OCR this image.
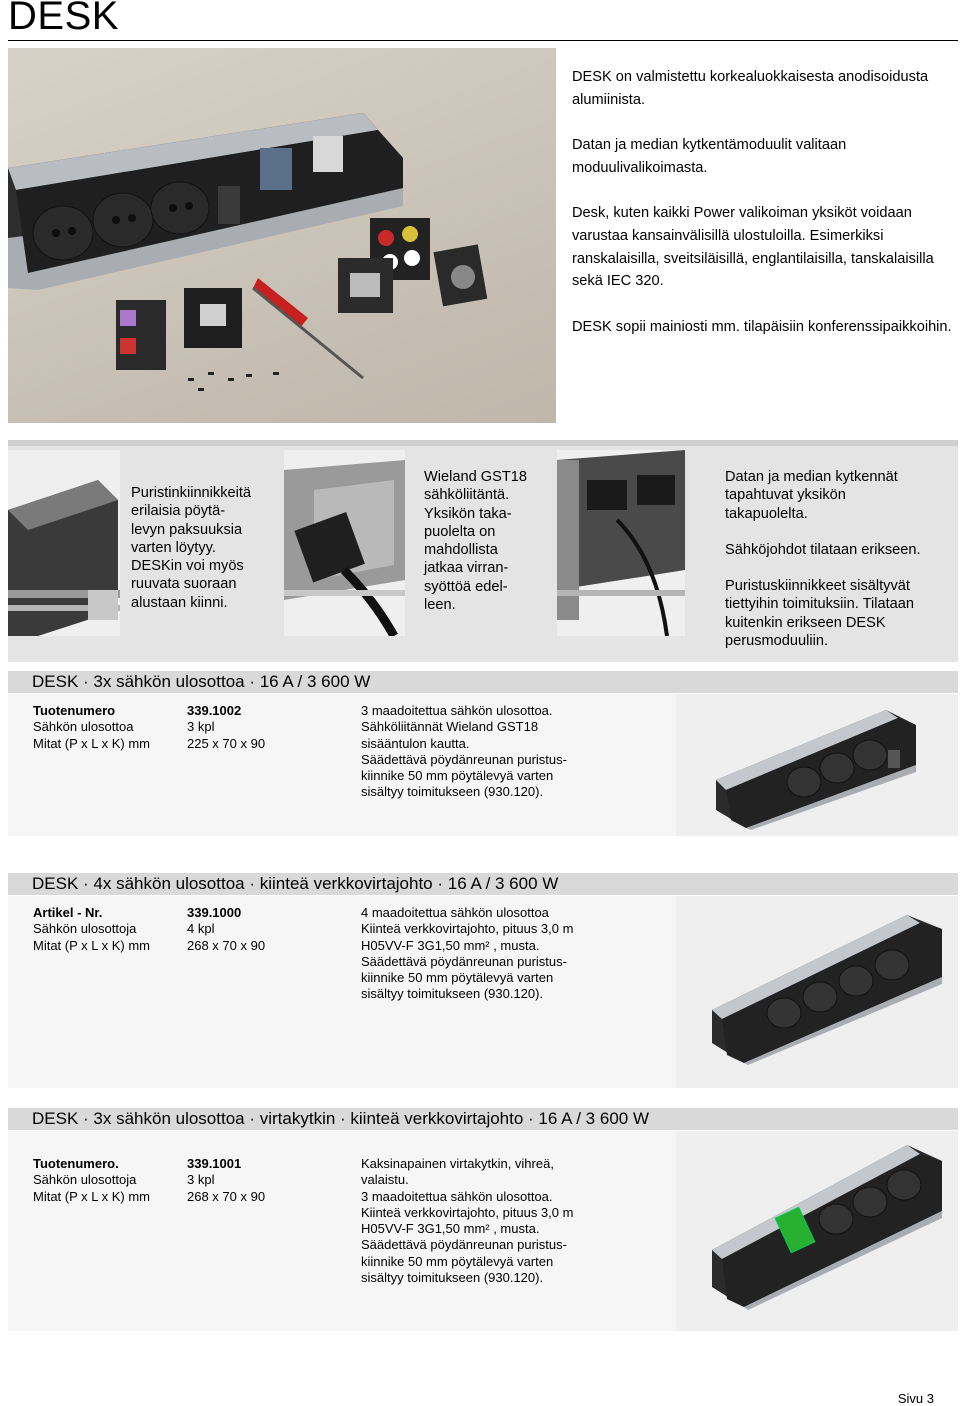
DESK

DESK on valmistettu korkealuokkaisesta anodisoidusta alumiinista.

Datan ja median kytkentämoduulit valitaan moduulivalikoimasta.

Desk, kuten kaikki Power valikoiman yksiköt voidaan varustaa kansainvälisillä ulostuloilla. Esimerkiksi ranskalaisilla, sveitsiläisillä, englantilaisilla, tanskalaisilla sekä IEC 320.

DESK sopii mainiosti mm. tilapäisiin konferenssipaikkoihin.

Puristinkiinnikkeitä
erilaisia pöytä-
levyn paksuuksia
varten löytyy.
DESKin voi myös
ruuvata suoraan
alustaan kiinni.
Wieland GST18
sähköliitäntä.
Yksikön taka-
puolelta on
mahdollista
jatkaa virran-
syöttöä edel-
leen.
Datan ja median kytkennät
tapahtuvat yksikön
takapuolelta.
Sähköjohdot tilataan erikseen.
Puristuskiinnikkeet sisältyvät
tiettyihin toimituksiin. Tilataan
kuitenkin erikseen DESK
perusmoduuliin.
DESK · 3x sähkön ulosottoa · 16 A / 3 600 W
Tuotenumero	339.1002
Sähkön ulosottoa	3 kpl
Mitat (P x L x K) mm	225 x 70 x 90
3 maadoitettua sähkön ulosottoa.
Sähköliitännät Wieland GST18
sisääntulon kautta.
Säädettävä pöydänreunan puristus-
kiinnike 50 mm pöytälevyä varten
sisältyy toimitukseen (930.120).
DESK · 4x sähkön ulosottoa · kiinteä verkkovirtajohto · 16 A / 3 600 W
Artikel - Nr.	339.1000
Sähkön ulosottoja	4 kpl
Mitat (P x L x K) mm	268 x 70 x 90
4 maadoitettua sähkön ulosottoa
Kiinteä verkkovirtajohto, pituus 3,0 m
H05VV-F 3G1,50 mm² , musta.
Säädettävä pöydänreunan puristus-
kiinnike 50 mm pöytälevyä varten
sisältyy toimitukseen (930.120).
DESK · 3x sähkön ulosottoa · virtakytkin · kiinteä verkkovirtajohto · 16 A / 3 600 W
Tuotenumero.	339.1001
Sähkön ulosottoja	3 kpl
Mitat (P x L x K) mm	268 x 70 x 90
Kaksinapainen virtakytkin, vihreä,
valaistu.
3 maadoitettua sähkön ulosottoa.
Kiinteä verkkovirtajohto, pituus 3,0 m
H05VV-F 3G1,50 mm² , musta.
Säädettävä pöydänreunan puristus-
kiinnike 50 mm pöytälevyä varten
sisältyy toimitukseen (930.120).
Sivu 3
